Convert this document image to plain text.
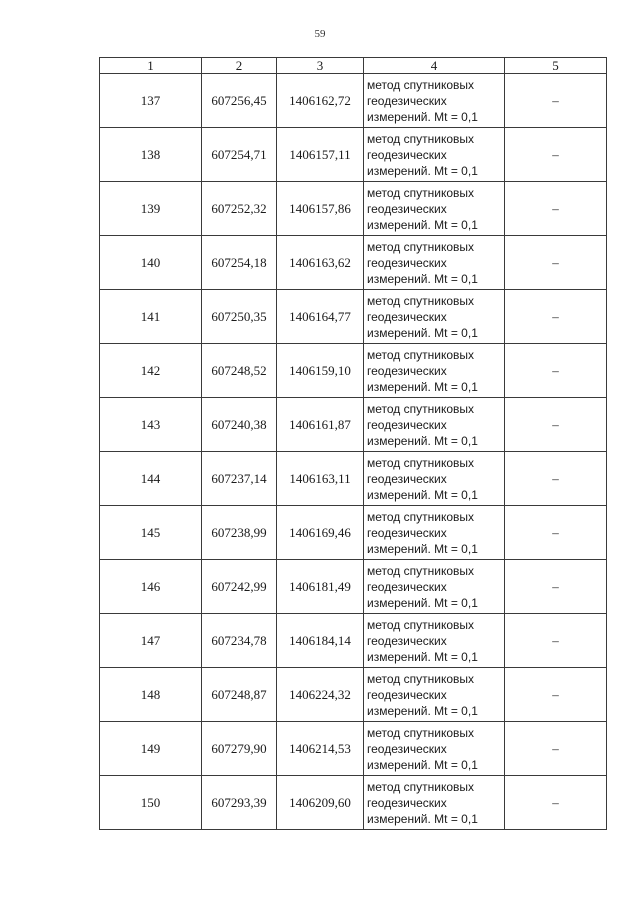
59
1	2	3	4	5
137	607256,45	1406162,72	метод спутниковых
геодезических
измерений. Mt = 0,1	–
138	607254,71	1406157,11	метод спутниковых
геодезических
измерений. Mt = 0,1	–
139	607252,32	1406157,86	метод спутниковых
геодезических
измерений. Mt = 0,1	–
140	607254,18	1406163,62	метод спутниковых
геодезических
измерений. Mt = 0,1	–
141	607250,35	1406164,77	метод спутниковых
геодезических
измерений. Mt = 0,1	–
142	607248,52	1406159,10	метод спутниковых
геодезических
измерений. Mt = 0,1	–
143	607240,38	1406161,87	метод спутниковых
геодезических
измерений. Mt = 0,1	–
144	607237,14	1406163,11	метод спутниковых
геодезических
измерений. Mt = 0,1	–
145	607238,99	1406169,46	метод спутниковых
геодезических
измерений. Mt = 0,1	–
146	607242,99	1406181,49	метод спутниковых
геодезических
измерений. Mt = 0,1	–
147	607234,78	1406184,14	метод спутниковых
геодезических
измерений. Mt = 0,1	–
148	607248,87	1406224,32	метод спутниковых
геодезических
измерений. Mt = 0,1	–
149	607279,90	1406214,53	метод спутниковых
геодезических
измерений. Mt = 0,1	–
150	607293,39	1406209,60	метод спутниковых
геодезических
измерений. Mt = 0,1	–
